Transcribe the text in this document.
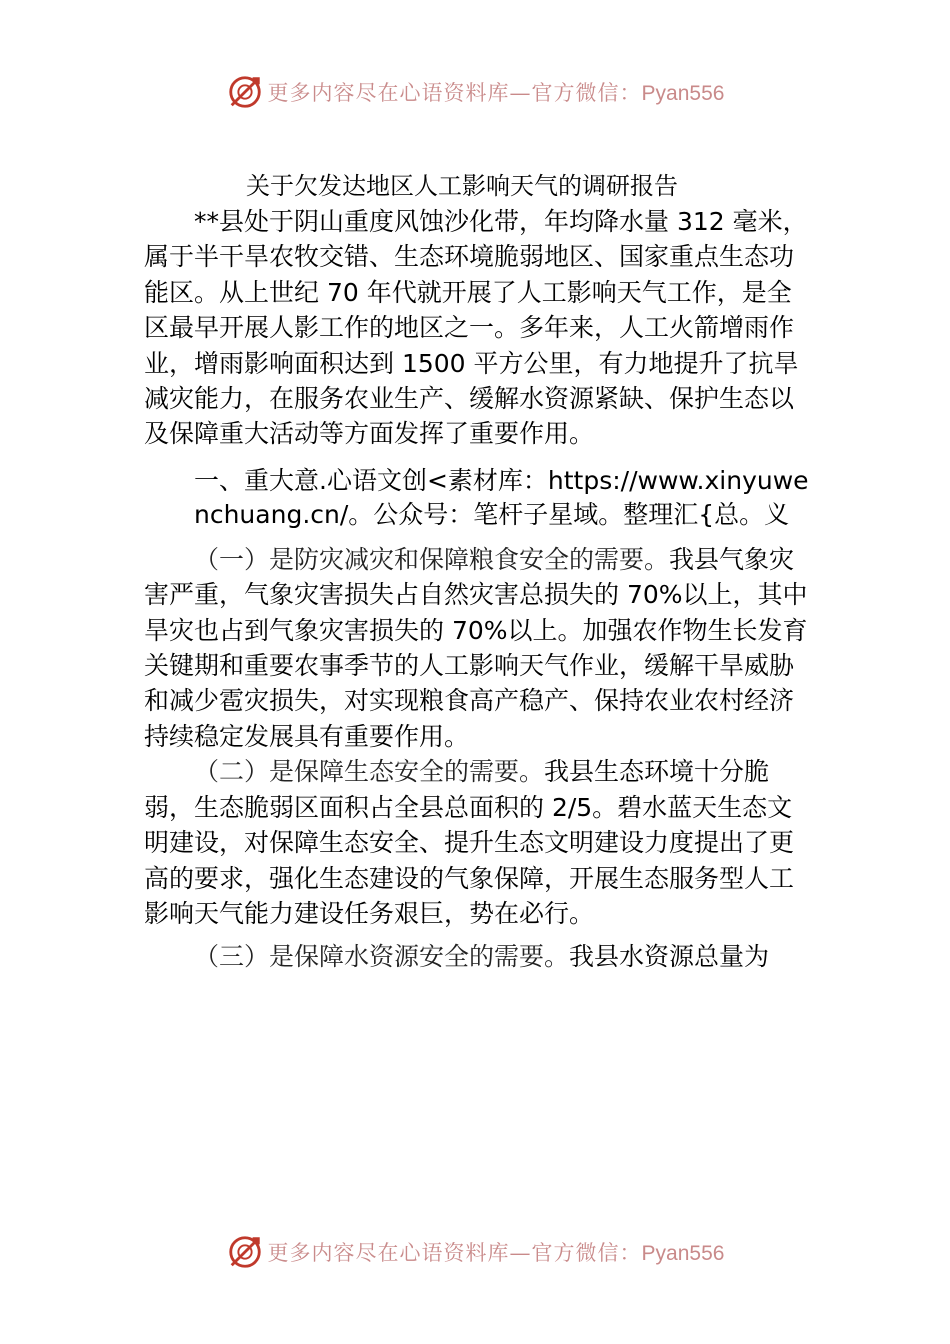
更多内容尽在心语资料库—官方微信：Pyan556
关于欠发达地区人工影响天气的调研报告

**县处于阴山重度风蚀沙化带，年均降水量 312 毫米，属于半干旱农牧交错、生态环境脆弱地区、国家重点生态功能区。从上世纪 70 年代就开展了人工影响天气工作，是全区最早开展人影工作的地区之一。多年来，人工火箭增雨作业，增雨影响面积达到 1500 平方公里，有力地提升了抗旱减灾能力，在服务农业生产、缓解水资源紧缺、保护生态以及保障重大活动等方面发挥了重要作用。

一、重大意.心语文创<素材库：https://www.xinyuwenchuang.cn/。公众号：笔杆子星域。整理汇{总。义

（一）是防灾减灾和保障粮食安全的需要。我县气象灾害严重，气象灾害损失占自然灾害总损失的 70%以上，其中旱灾也占到气象灾害损失的 70%以上。加强农作物生长发育关键期和重要农事季节的人工影响天气作业，缓解干旱威胁和减少雹灾损失，对实现粮食高产稳产、保持农业农村经济持续稳定发展具有重要作用。

（二）是保障生态安全的需要。我县生态环境十分脆弱，生态脆弱区面积占全县总面积的 2/5。碧水蓝天生态文明建设，对保障生态安全、提升生态文明建设力度提出了更高的要求，强化生态建设的气象保障，开展生态服务型人工影响天气能力建设任务艰巨，势在必行。

（三）是保障水资源安全的需要。我县水资源总量为

更多内容尽在心语资料库—官方微信：Pyan556
